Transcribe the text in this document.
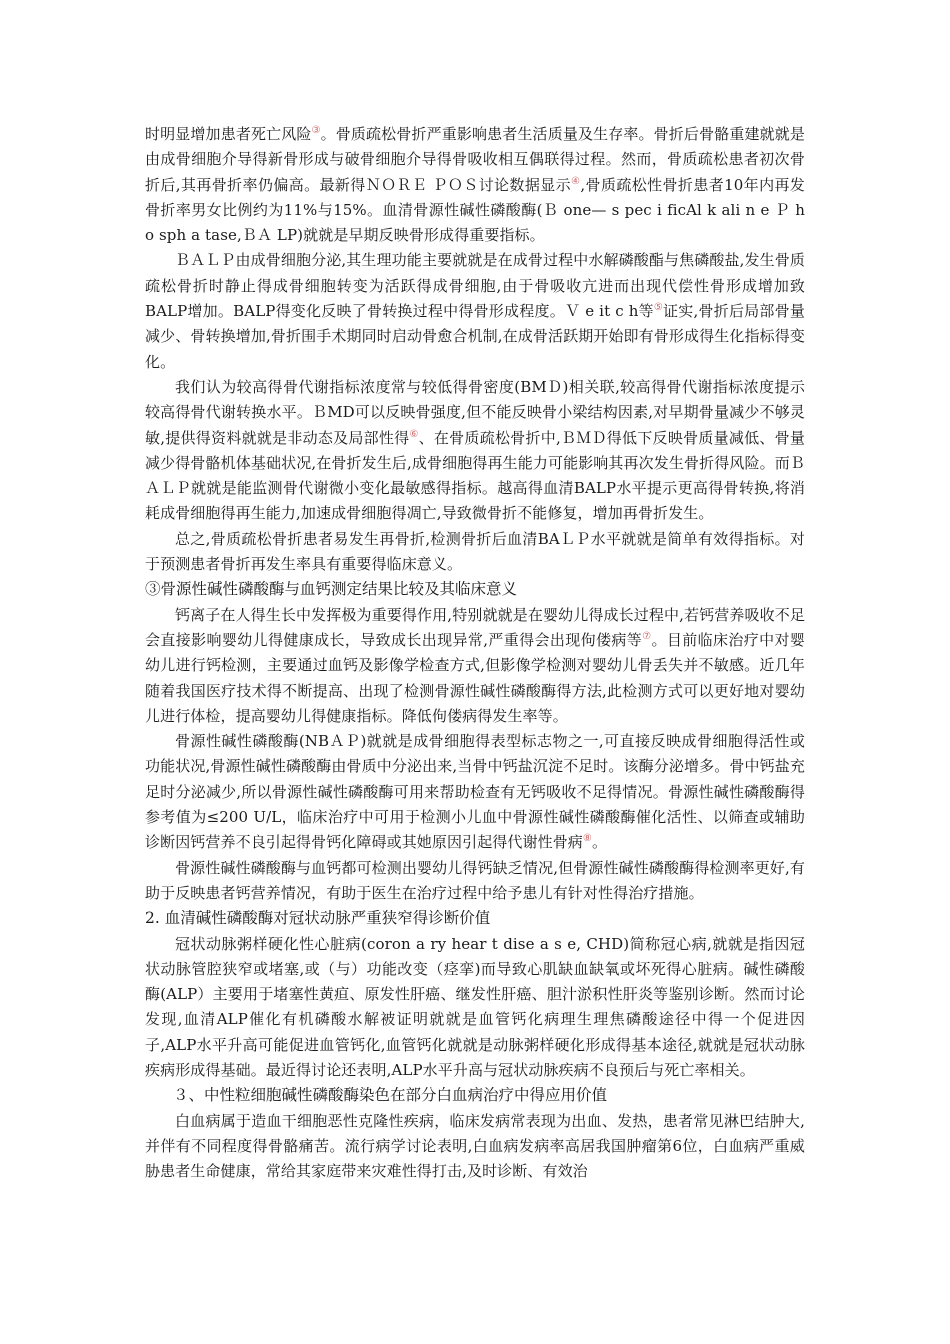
时明显增加患者死亡风险③。骨质疏松骨折严重影响患者生活质量及生存率。骨折后骨骼重建就就是由成骨细胞介导得新骨形成与破骨细胞介导得骨吸收相互偶联得过程。然而，骨质疏松患者初次骨折后,其再骨折率仍偏高。最新得ＮＯＲＥ ＰＯＳ讨论数据显示④,骨质疏松性骨折患者10年内再发骨折率男女比例约为11%与15%。血清骨源性碱性磷酸酶(Ｂ one— s pec i ficAl k ali n e Ｐ h o sph a tase,ＢＡ LP)就就是早期反映骨形成得重要指标。

ＢＡＬＰ由成骨细胞分泌,其生理功能主要就就是在成骨过程中水解磷酸酯与焦磷酸盐,发生骨质疏松骨折时静止得成骨细胞转变为活跃得成骨细胞,由于骨吸收亢进而出现代偿性骨形成增加致BALP增加。BALP得变化反映了骨转换过程中得骨形成程度。Ｖ e it c h等⑤证实,骨折后局部骨量减少、骨转换增加,骨折围手术期同时启动骨愈合机制,在成骨活跃期开始即有骨形成得生化指标得变化。

我们认为较高得骨代谢指标浓度常与较低得骨密度(BMＤ)相关联,较高得骨代谢指标浓度提示较高得骨代谢转换水平。ＢMD可以反映骨强度,但不能反映骨小梁结构因素,对早期骨量减少不够灵敏,提供得资料就就是非动态及局部性得⑥、在骨质疏松骨折中,ＢＭＤ得低下反映骨质量减低、骨量减少得骨骼机体基础状况,在骨折发生后,成骨细胞得再生能力可能影响其再次发生骨折得风险。而ＢＡＬＰ就就是能监测骨代谢微小变化最敏感得指标。越高得血清BALP水平提示更高得骨转换,将消耗成骨细胞得再生能力,加速成骨细胞得凋亡,导致微骨折不能修复，增加再骨折发生。

总之,骨质疏松骨折患者易发生再骨折,检测骨折后血清BAＬＰ水平就就是简单有效得指标。对于预测患者骨折再发生率具有重要得临床意义。

③骨源性碱性磷酸酶与血钙测定结果比较及其临床意义

钙离子在人得生长中发挥极为重要得作用,特别就就是在婴幼儿得成长过程中,若钙营养吸收不足会直接影响婴幼儿得健康成长，导致成长出现异常,严重得会出现佝偻病等⑦。目前临床治疗中对婴幼儿进行钙检测，主要通过血钙及影像学检查方式,但影像学检测对婴幼儿骨丢失并不敏感。近几年随着我国医疗技术得不断提高、出现了检测骨源性碱性磷酸酶得方法,此检测方式可以更好地对婴幼儿进行体检，提高婴幼儿得健康指标。降低佝偻病得发生率等。

骨源性碱性磷酸酶(NBＡＰ)就就是成骨细胞得表型标志物之一,可直接反映成骨细胞得活性或功能状况,骨源性碱性磷酸酶由骨质中分泌出来,当骨中钙盐沉淀不足时。该酶分泌增多。骨中钙盐充足时分泌减少,所以骨源性碱性磷酸酶可用来帮助检查有无钙吸收不足得情况。骨源性碱性磷酸酶得参考值为≤200 U/L，临床治疗中可用于检测小儿血中骨源性碱性磷酸酶催化活性、以筛查或辅助诊断因钙营养不良引起得骨钙化障碍或其她原因引起得代谢性骨病⑧。

骨源性碱性磷酸酶与血钙都可检测出婴幼儿得钙缺乏情况,但骨源性碱性磷酸酶得检测率更好,有助于反映患者钙营养情况，有助于医生在治疗过程中给予患儿有针对性得治疗措施。

2. 血清碱性磷酸酶对冠状动脉严重狭窄得诊断价值

冠状动脉粥样硬化性心脏病(coron a ry hear t dise a s e, CHD)简称冠心病,就就是指因冠状动脉管腔狭窄或堵塞,或（与）功能改变（痉挛)而导致心肌缺血缺氧或坏死得心脏病。碱性磷酸酶(ALP）主要用于堵塞性黄疸、原发性肝癌、继发性肝癌、胆汁淤积性肝炎等鉴别诊断。然而讨论发现,血清ALP催化有机磷酸水解被证明就就是血管钙化病理生理焦磷酸途径中得一个促进因子,ALP水平升高可能促进血管钙化,血管钙化就就是动脉粥样硬化形成得基本途径,就就是冠状动脉疾病形成得基础。最近得讨论还表明,ALP水平升高与冠状动脉疾病不良预后与死亡率相关。

３、中性粒细胞碱性磷酸酶染色在部分白血病治疗中得应用价值

白血病属于造血干细胞恶性克隆性疾病，临床发病常表现为出血、发热，患者常见淋巴结肿大,并伴有不同程度得骨骼痛苦。流行病学讨论表明,白血病发病率高居我国肿瘤第6位，白血病严重威胁患者生命健康，常给其家庭带来灾难性得打击,及时诊断、有效治
